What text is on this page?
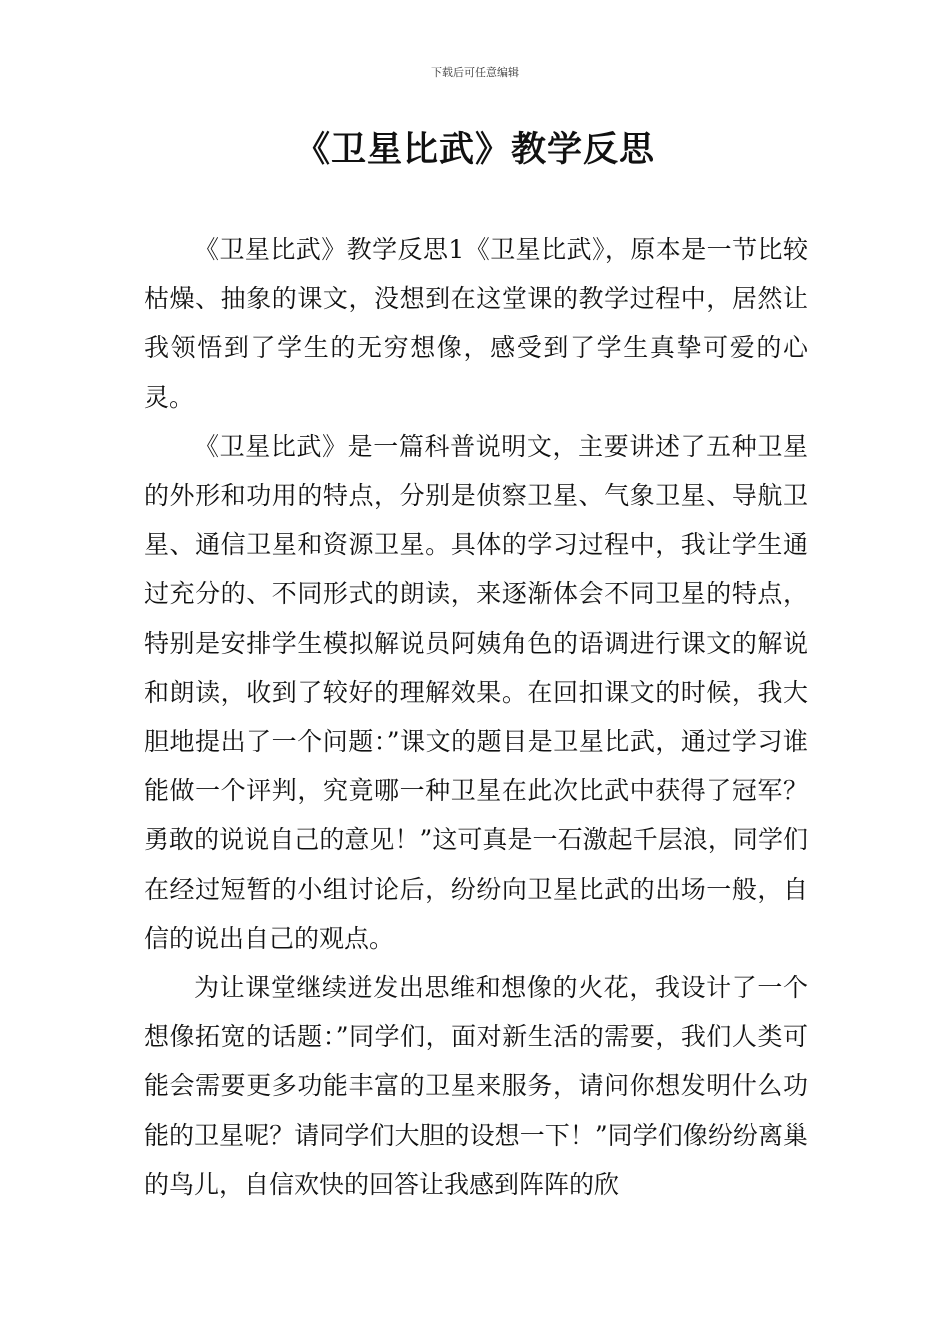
下载后可任意编辑
《卫星比武》教学反思

《卫星比武》教学反思1《卫星比武》，原本是一节比较枯燥、抽象的课文，没想到在这堂课的教学过程中，居然让我领悟到了学生的无穷想像，感受到了学生真挚可爱的心灵。

《卫星比武》是一篇科普说明文，主要讲述了五种卫星的外形和功用的特点，分别是侦察卫星、气象卫星、导航卫星、通信卫星和资源卫星。具体的学习过程中，我让学生通过充分的、不同形式的朗读，来逐渐体会不同卫星的特点，特别是安排学生模拟解说员阿姨角色的语调进行课文的解说和朗读，收到了较好的理解效果。在回扣课文的时候，我大胆地提出了一个问题：”课文的题目是卫星比武，通过学习谁能做一个评判，究竟哪一种卫星在此次比武中获得了冠军？勇敢的说说自己的意见！”这可真是一石激起千层浪，同学们在经过短暂的小组讨论后，纷纷向卫星比武的出场一般，自信的说出自己的观点。

为让课堂继续迸发出思维和想像的火花，我设计了一个想像拓宽的话题：”同学们，面对新生活的需要，我们人类可能会需要更多功能丰富的卫星来服务，请问你想发明什么功能的卫星呢？请同学们大胆的设想一下！”同学们像纷纷离巢的鸟儿，自信欢快的回答让我感到阵阵的欣
